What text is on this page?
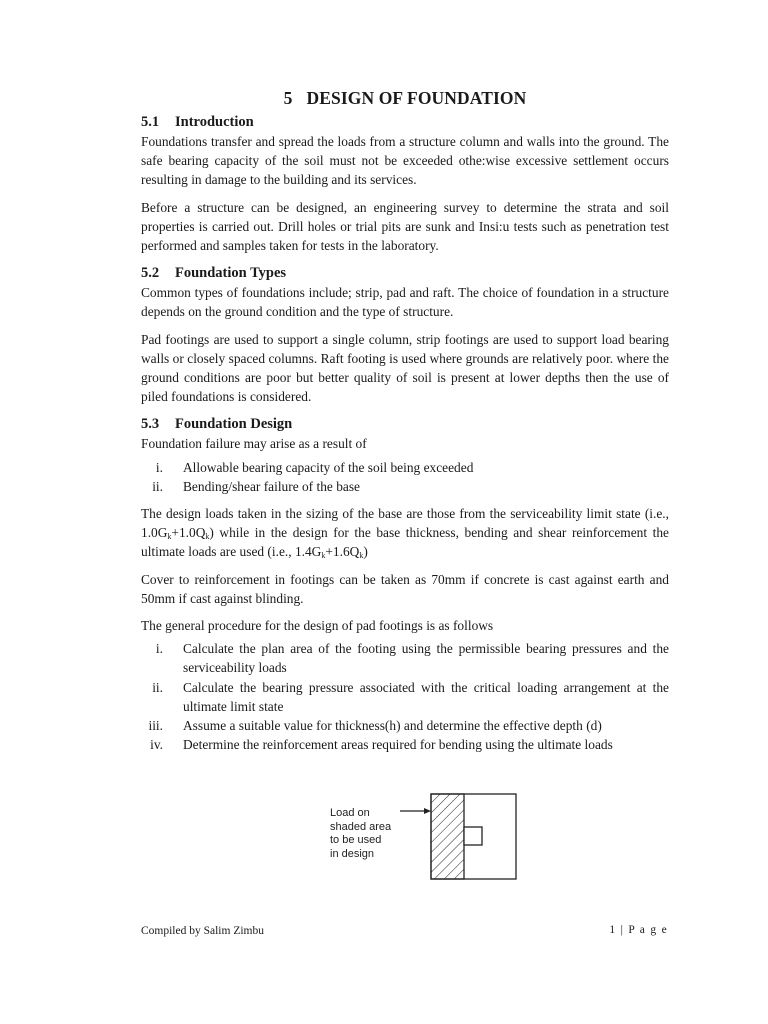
5 DESIGN OF FOUNDATION
5.1 Introduction

Foundations transfer and spread the loads from a structure column and walls into the ground. The safe bearing capacity of the soil must not be exceeded othe:wise excessive settlement occurs resulting in damage to the building and its services.

Before a structure can be designed, an engineering survey to determine the strata and soil properties is carried out. Drill holes or trial pits are sunk and Insi:u tests such as penetration test performed and samples taken for tests in the laboratory.

5.2 Foundation Types

Common types of foundations include; strip, pad and raft. The choice of foundation in a structure depends on the ground condition and the type of structure.

Pad footings are used to support a single column, strip footings are used to support load bearing walls or closely spaced columns. Raft footing is used where grounds are relatively poor. where the ground conditions are poor but better quality of soil is present at lower depths then the use of piled foundations is considered.

5.3 Foundation Design

Foundation failure may arise as a result of

i. Allowable bearing capacity of the soil being exceeded
ii. Bending/shear failure of the base

The design loads taken in the sizing of the base are those from the serviceability limit state (i.e., $1.0G_k+1.0Q_k$) while in the design for the base thickness, bending and shear reinforcement the ultimate loads are used (i.e., $1.4G_k+1.6Q_k$)

Cover to reinforcement in footings can be taken as 70mm if concrete is cast against earth and 50mm if cast against blinding.

The general procedure for the design of pad footings is as follows

i. Calculate the plan area of the footing using the permissible bearing pressures and the serviceability loads
ii. Calculate the bearing pressure associated with the critical loading arrangement at the ultimate limit state
iii. Assume a suitable value for thickness(h) and determine the effective depth (d)
iv. Determine the reinforcement areas required for bending using the ultimate loads
Load on
shaded area
to be used
in design
Compiled by Salim Zimbu	1 | P a g e
